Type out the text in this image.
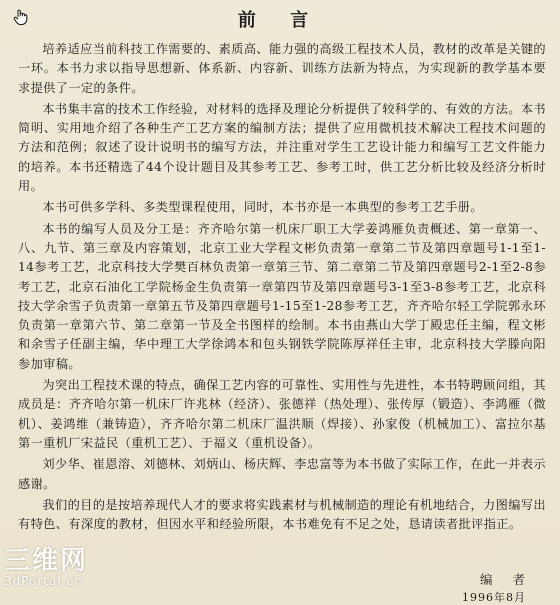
前 言

培养适应当前科技工作需要的、素质高、能力强的高级工程技术人员，教材的改革是关键的一环。本书力求以指导思想新、体系新、内容新、训练方法新为特点，为实现新的教学基本要求提供了一定的条件。

本书集丰富的技术工作经验，对材料的选择及理论分析提供了较科学的、有效的方法。本书简明、实用地介绍了各种生产工艺方案的编制方法；提供了应用微机技术解决工程技术问题的方法和范例；叙述了设计说明书的编写方法，并注重对学生工艺设计能力和编写工艺文件能力的培养。本书还精选了44个设计题目及其参考工艺、参考工时，供工艺分析比较及经济分析时用。

本书可供多学科、多类型课程使用，同时，本书亦是一本典型的参考工艺手册。

本书的编写人员及分工是：齐齐哈尔第一机床厂职工大学姜鸿雁负责概述、第一章第一、八、九节、第三章及内容策划，北京工业大学程文彬负责第一章第二节及第四章题号1-1至1-14参考工艺，北京科技大学樊百林负责第一章第三节、第二章第二节及第四章题号2-1至2-8参考工艺，北京石油化工学院杨金生负责第一章第四节及第四章题号3-1至3-8参考工艺，北京科技大学余雪子负责第一章第五节及第四章题号1-15至1-28参考工艺，齐齐哈尔轻工学院郭永环负责第一章第六节、第二章第一节及全书图样的绘制。本书由燕山大学丁殿忠任主编，程文彬和余雪子任副主编，华中理工大学徐鸿本和包头钢铁学院陈厚祥任主审，北京科技大学滕向阳参加审稿。

为突出工程技术课的特点，确保工艺内容的可靠性、实用性与先进性，本书特聘顾问组，其成员是：齐齐哈尔第一机床厂许兆林（经济）、张德祥（热处理）、张传厚（锻造）、李鸿雁（微机）、姜鸿维（兼铸造），齐齐哈尔第二机床厂温洪顺（焊接）、孙家俊（机械加工）、富拉尔基第一重机厂宋益民（重机工艺）、于福义（重机设备）。

刘少华、崔恩溶、刘德林、刘炳山、杨庆辉、李忠富等为本书做了实际工作，在此一并表示感谢。

我们的目的是按培养现代人才的要求将实践素材与机械制造的理论有机地结合，力图编写出有特色、有深度的教材，但因水平和经验所限，本书难免有不足之处，恳请读者批评指正。

三维网
3dPortal.cn	编 者
1996年8月
